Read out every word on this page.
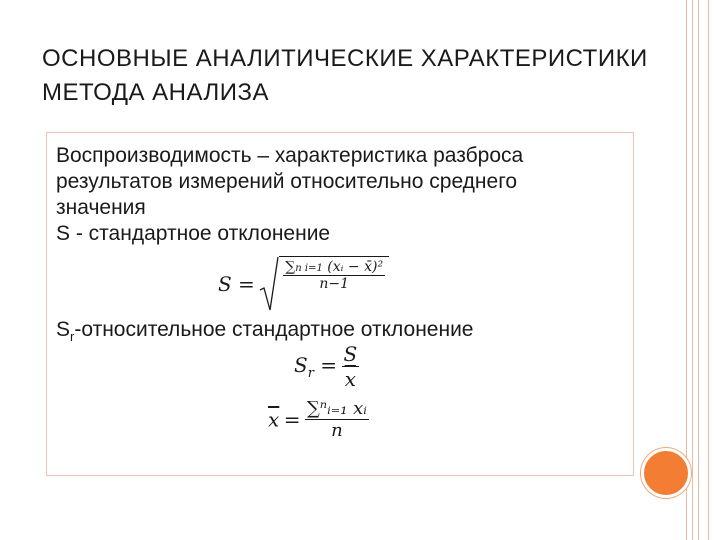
ОСНОВНЫЕ АНАЛИТИЧЕСКИЕ ХАРАКТЕРИСТИКИ МЕТОДА АНАЛИЗА

Воспроизводимость – характеристика разброса

результатов измерений относительно среднего

значения

S - стандартное отклонение

$S = \frac{\text{∑n i=1 (xᵢ − x̄)²}}{n-1}$

$S_r$-относительное стандартное отклонение

$S_r = \frac{S}{x}$
$\overline{x} = \frac{\text{∑ⁿᵢ₌₁ xᵢ}}{n}$
